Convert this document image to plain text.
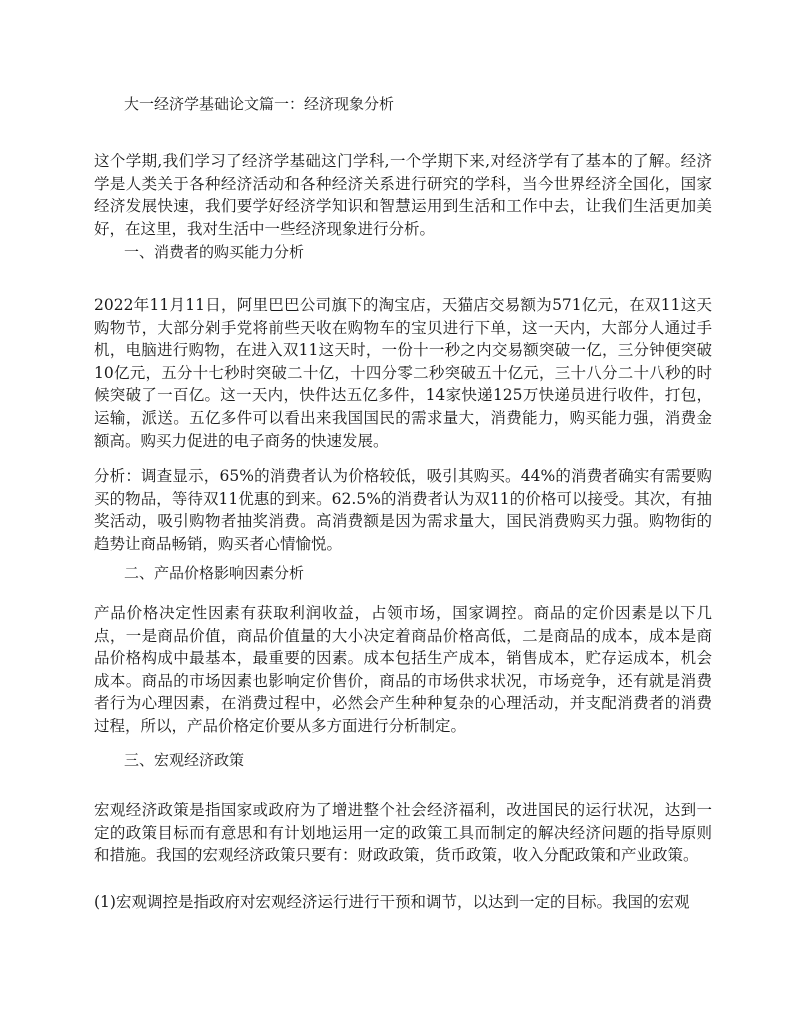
大一经济学基础论文篇一：经济现象分析

这个学期,我们学习了经济学基础这门学科,一个学期下来,对经济学有了基本的了解。经济学是人类关于各种经济活动和各种经济关系进行研究的学科，当今世界经济全国化，国家经济发展快速，我们要学好经济学知识和智慧运用到生活和工作中去，让我们生活更加美好，在这里，我对生活中一些经济现象进行分析。

一、消费者的购买能力分析

2022年11月11日，阿里巴巴公司旗下的淘宝店，天猫店交易额为571亿元，在双11这天购物节，大部分剁手党将前些天收在购物车的宝贝进行下单，这一天内，大部分人通过手机，电脑进行购物，在进入双11这天时，一份十一秒之内交易额突破一亿，三分钟便突破10亿元，五分十七秒时突破二十亿，十四分零二秒突破五十亿元，三十八分二十八秒的时候突破了一百亿。这一天内，快件达五亿多件，14家快递125万快递员进行收件，打包，运输，派送。五亿多件可以看出来我国国民的需求量大，消费能力，购买能力强，消费金额高。购买力促进的电子商务的快速发展。

分析：调查显示，65%的消费者认为价格较低，吸引其购买。44%的消费者确实有需要购买的物品，等待双11优惠的到来。62.5%的消费者认为双11的价格可以接受。其次，有抽奖活动，吸引购物者抽奖消费。高消费额是因为需求量大，国民消费购买力强。购物街的趋势让商品畅销，购买者心情愉悦。

二、产品价格影响因素分析

产品价格决定性因素有获取利润收益，占领市场，国家调控。商品的定价因素是以下几点，一是商品价值，商品价值量的大小决定着商品价格高低，二是商品的成本，成本是商品价格构成中最基本，最重要的因素。成本包括生产成本，销售成本，贮存运成本，机会成本。商品的市场因素也影响定价售价，商品的市场供求状况，市场竞争，还有就是消费者行为心理因素，在消费过程中，必然会产生种种复杂的心理活动，并支配消费者的消费过程，所以，产品价格定价要从多方面进行分析制定。

三、宏观经济政策

宏观经济政策是指国家或政府为了增进整个社会经济福利，改进国民的运行状况，达到一定的政策目标而有意思和有计划地运用一定的政策工具而制定的解决经济问题的指导原则和措施。我国的宏观经济政策只要有：财政政策，货币政策，收入分配政策和产业政策。

(1)宏观调控是指政府对宏观经济运行进行干预和调节，以达到一定的目标。我国的宏观
